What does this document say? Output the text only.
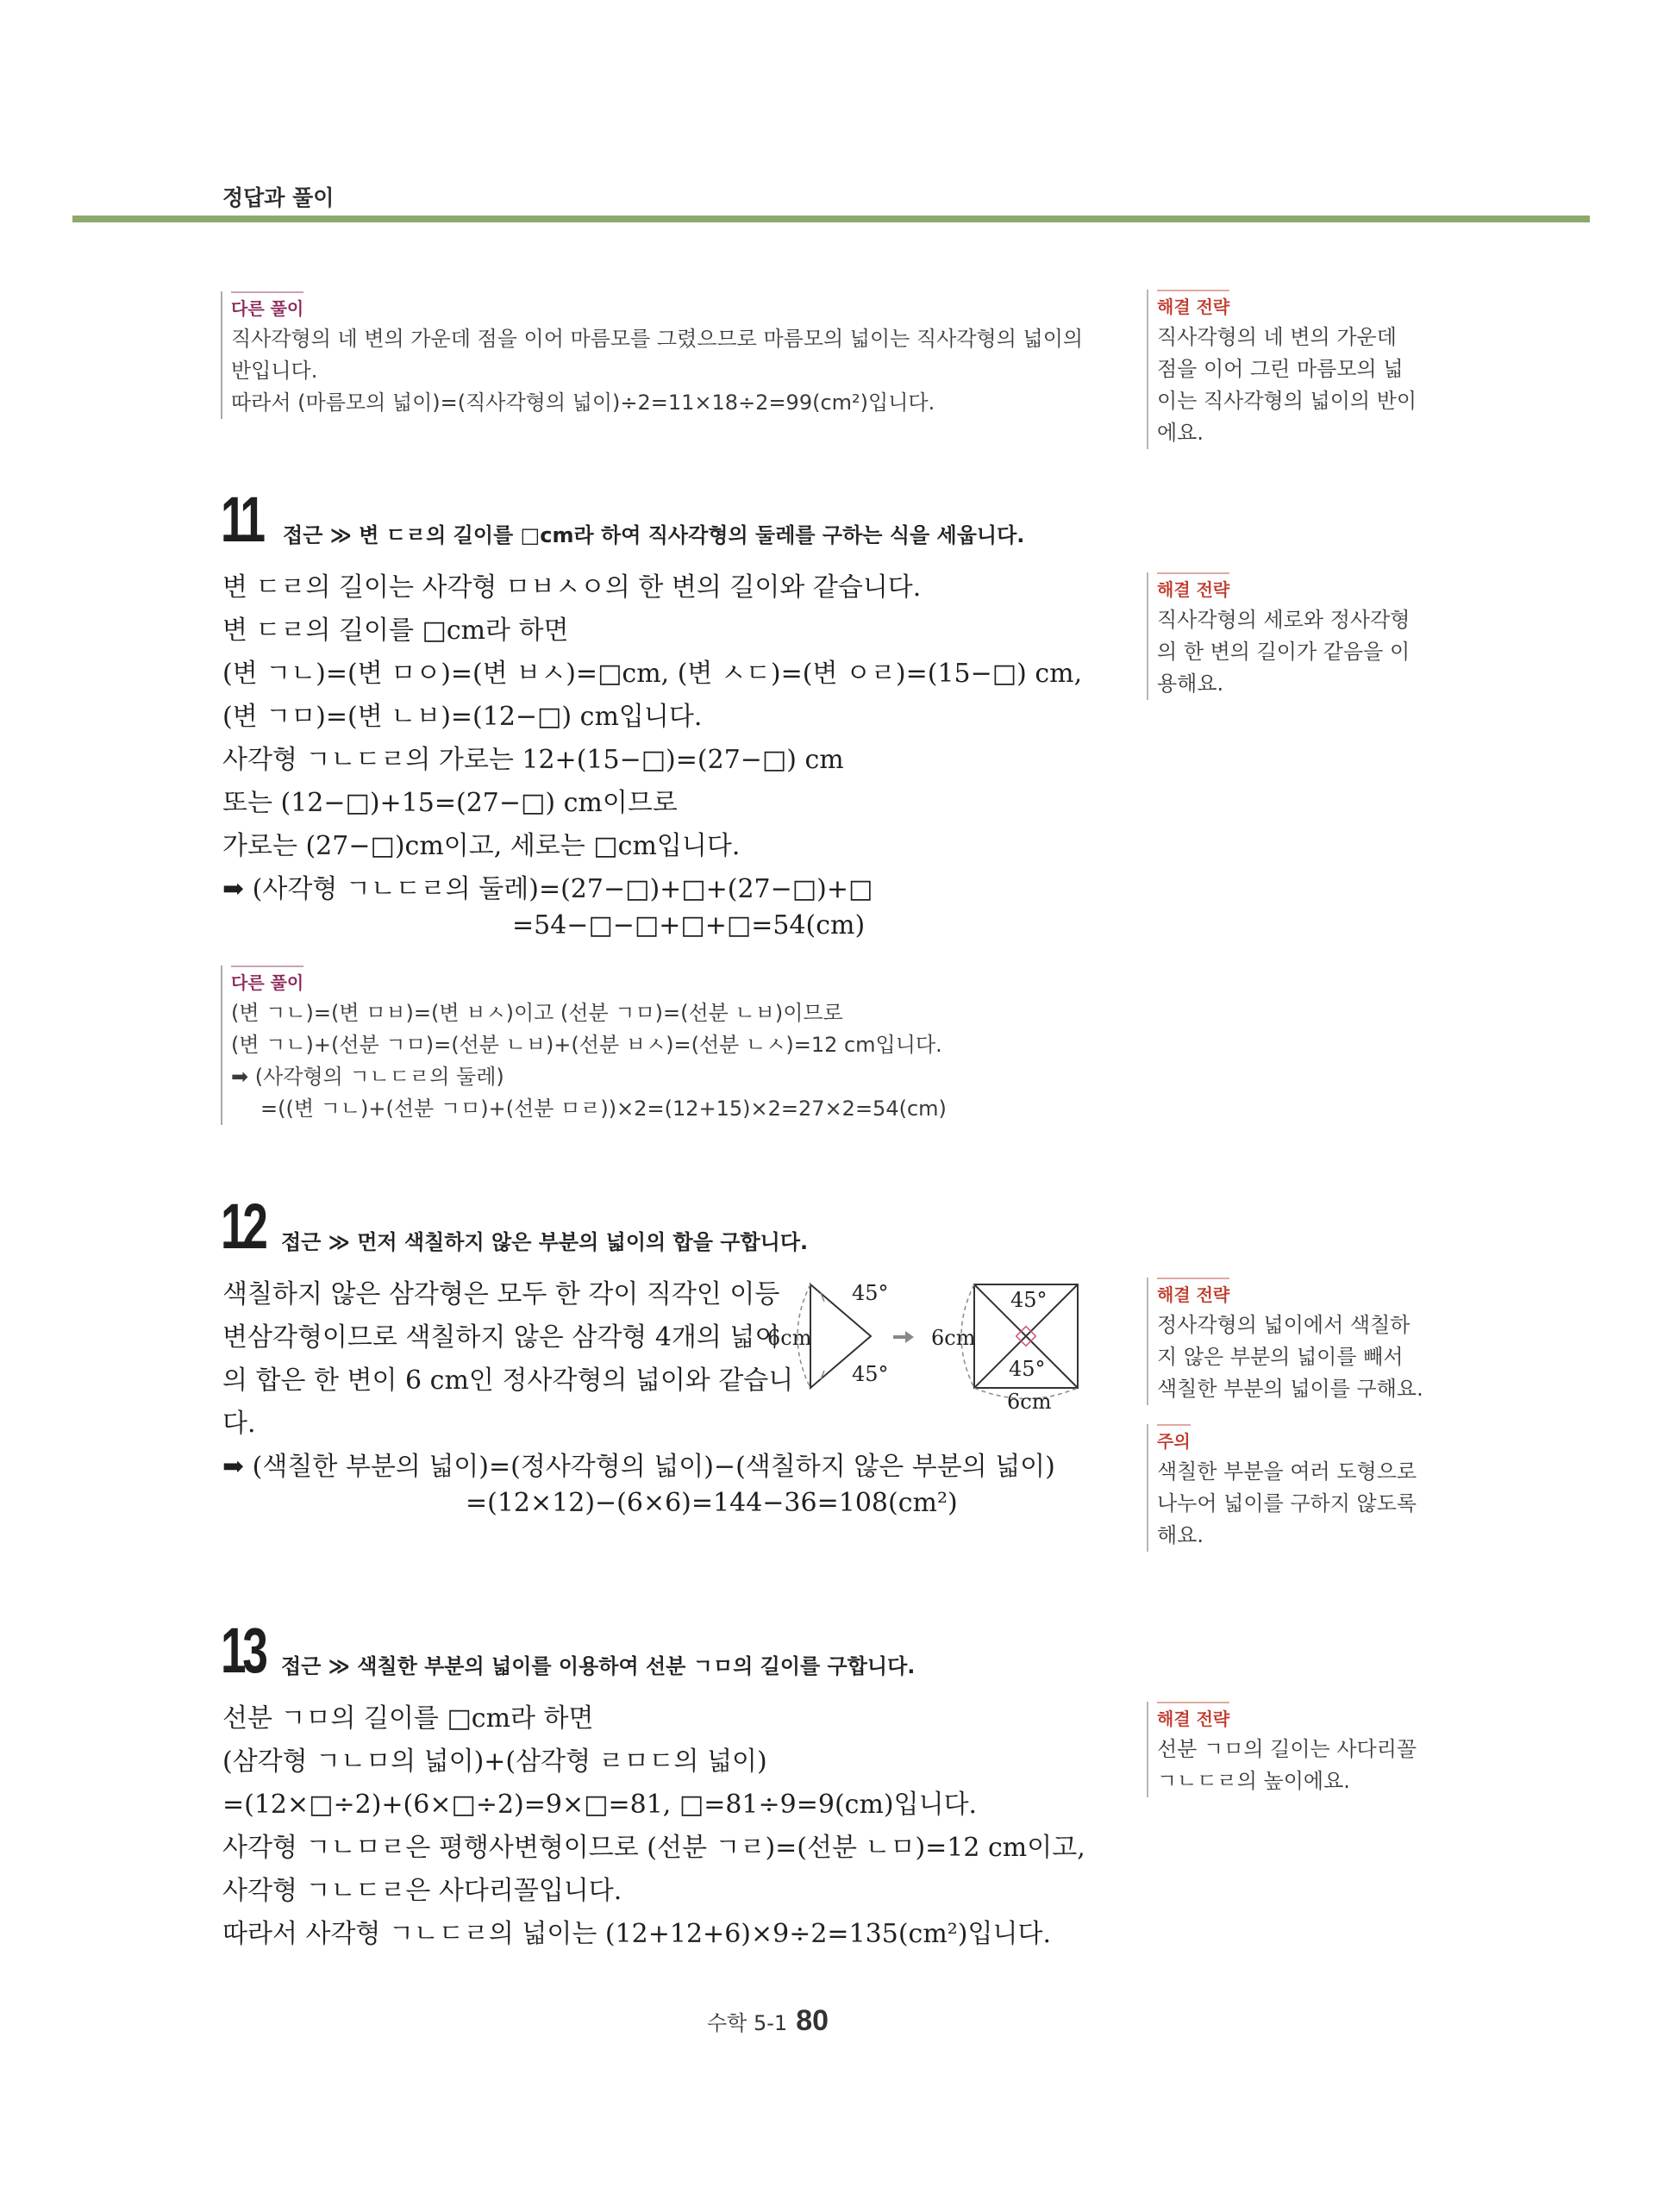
정답과 풀이
다른 풀이
직사각형의 네 변의 가운데 점을 이어 마름모를 그렸으므로 마름모의 넓이는 직사각형의 넓이의
반입니다.
따라서 (마름모의 넓이)=(직사각형의 넓이)÷2=11×18÷2=99(cm²)입니다.
해결 전략
직사각형의 네 변의 가운데
점을 이어 그린 마름모의 넓
이는 직사각형의 넓이의 반이
에요.
11 접근 ≫ 변 ㄷㄹ의 길이를 □cm라 하여 직사각형의 둘레를 구하는 식을 세웁니다.
변 ㄷㄹ의 길이는 사각형 ㅁㅂㅅㅇ의 한 변의 길이와 같습니다.
변 ㄷㄹ의 길이를 □cm라 하면
(변 ㄱㄴ)=(변 ㅁㅇ)=(변 ㅂㅅ)=□cm, (변 ㅅㄷ)=(변 ㅇㄹ)=(15−□) cm,
(변 ㄱㅁ)=(변 ㄴㅂ)=(12−□) cm입니다.
사각형 ㄱㄴㄷㄹ의 가로는 12+(15−□)=(27−□) cm
또는 (12−□)+15=(27−□) cm이므로
가로는 (27−□)cm이고, 세로는 □cm입니다.
➡ (사각형 ㄱㄴㄷㄹ의 둘레)=(27−□)+□+(27−□)+□
=54−□−□+□+□=54(cm)
해결 전략
직사각형의 세로와 정사각형
의 한 변의 길이가 같음을 이
용해요.
다른 풀이
(변 ㄱㄴ)=(변 ㅁㅂ)=(변 ㅂㅅ)이고 (선분 ㄱㅁ)=(선분 ㄴㅂ)이므로
(변 ㄱㄴ)+(선분 ㄱㅁ)=(선분 ㄴㅂ)+(선분 ㅂㅅ)=(선분 ㄴㅅ)=12 cm입니다.
➡ (사각형의 ㄱㄴㄷㄹ의 둘레)
=((변 ㄱㄴ)+(선분 ㄱㅁ)+(선분 ㅁㄹ))×2=(12+15)×2=27×2=54(cm)
12 접근 ≫ 먼저 색칠하지 않은 부분의 넓이의 합을 구합니다.
색칠하지 않은 삼각형은 모두 한 각이 직각인 이등
변삼각형이므로 색칠하지 않은 삼각형 4개의 넓이
의 합은 한 변이 6 cm인 정사각형의 넓이와 같습니
다.
➡ (색칠한 부분의 넓이)=(정사각형의 넓이)−(색칠하지 않은 부분의 넓이)
=(12×12)−(6×6)=144−36=108(cm²)
45°
45°
6cm	6cm
45°
45°
6cm
해결 전략
정사각형의 넓이에서 색칠하
지 않은 부분의 넓이를 빼서
색칠한 부분의 넓이를 구해요.
주의
색칠한 부분을 여러 도형으로
나누어 넓이를 구하지 않도록
해요.
13 접근 ≫ 색칠한 부분의 넓이를 이용하여 선분 ㄱㅁ의 길이를 구합니다.
선분 ㄱㅁ의 길이를 □cm라 하면
(삼각형 ㄱㄴㅁ의 넓이)+(삼각형 ㄹㅁㄷ의 넓이)
=(12×□÷2)+(6×□÷2)=9×□=81, □=81÷9=9(cm)입니다.
사각형 ㄱㄴㅁㄹ은 평행사변형이므로 (선분 ㄱㄹ)=(선분 ㄴㅁ)=12 cm이고,
사각형 ㄱㄴㄷㄹ은 사다리꼴입니다.
따라서 사각형 ㄱㄴㄷㄹ의 넓이는 (12+12+6)×9÷2=135(cm²)입니다.
해결 전략
선분 ㄱㅁ의 길이는 사다리꼴
ㄱㄴㄷㄹ의 높이에요.
수학 5-1 80
